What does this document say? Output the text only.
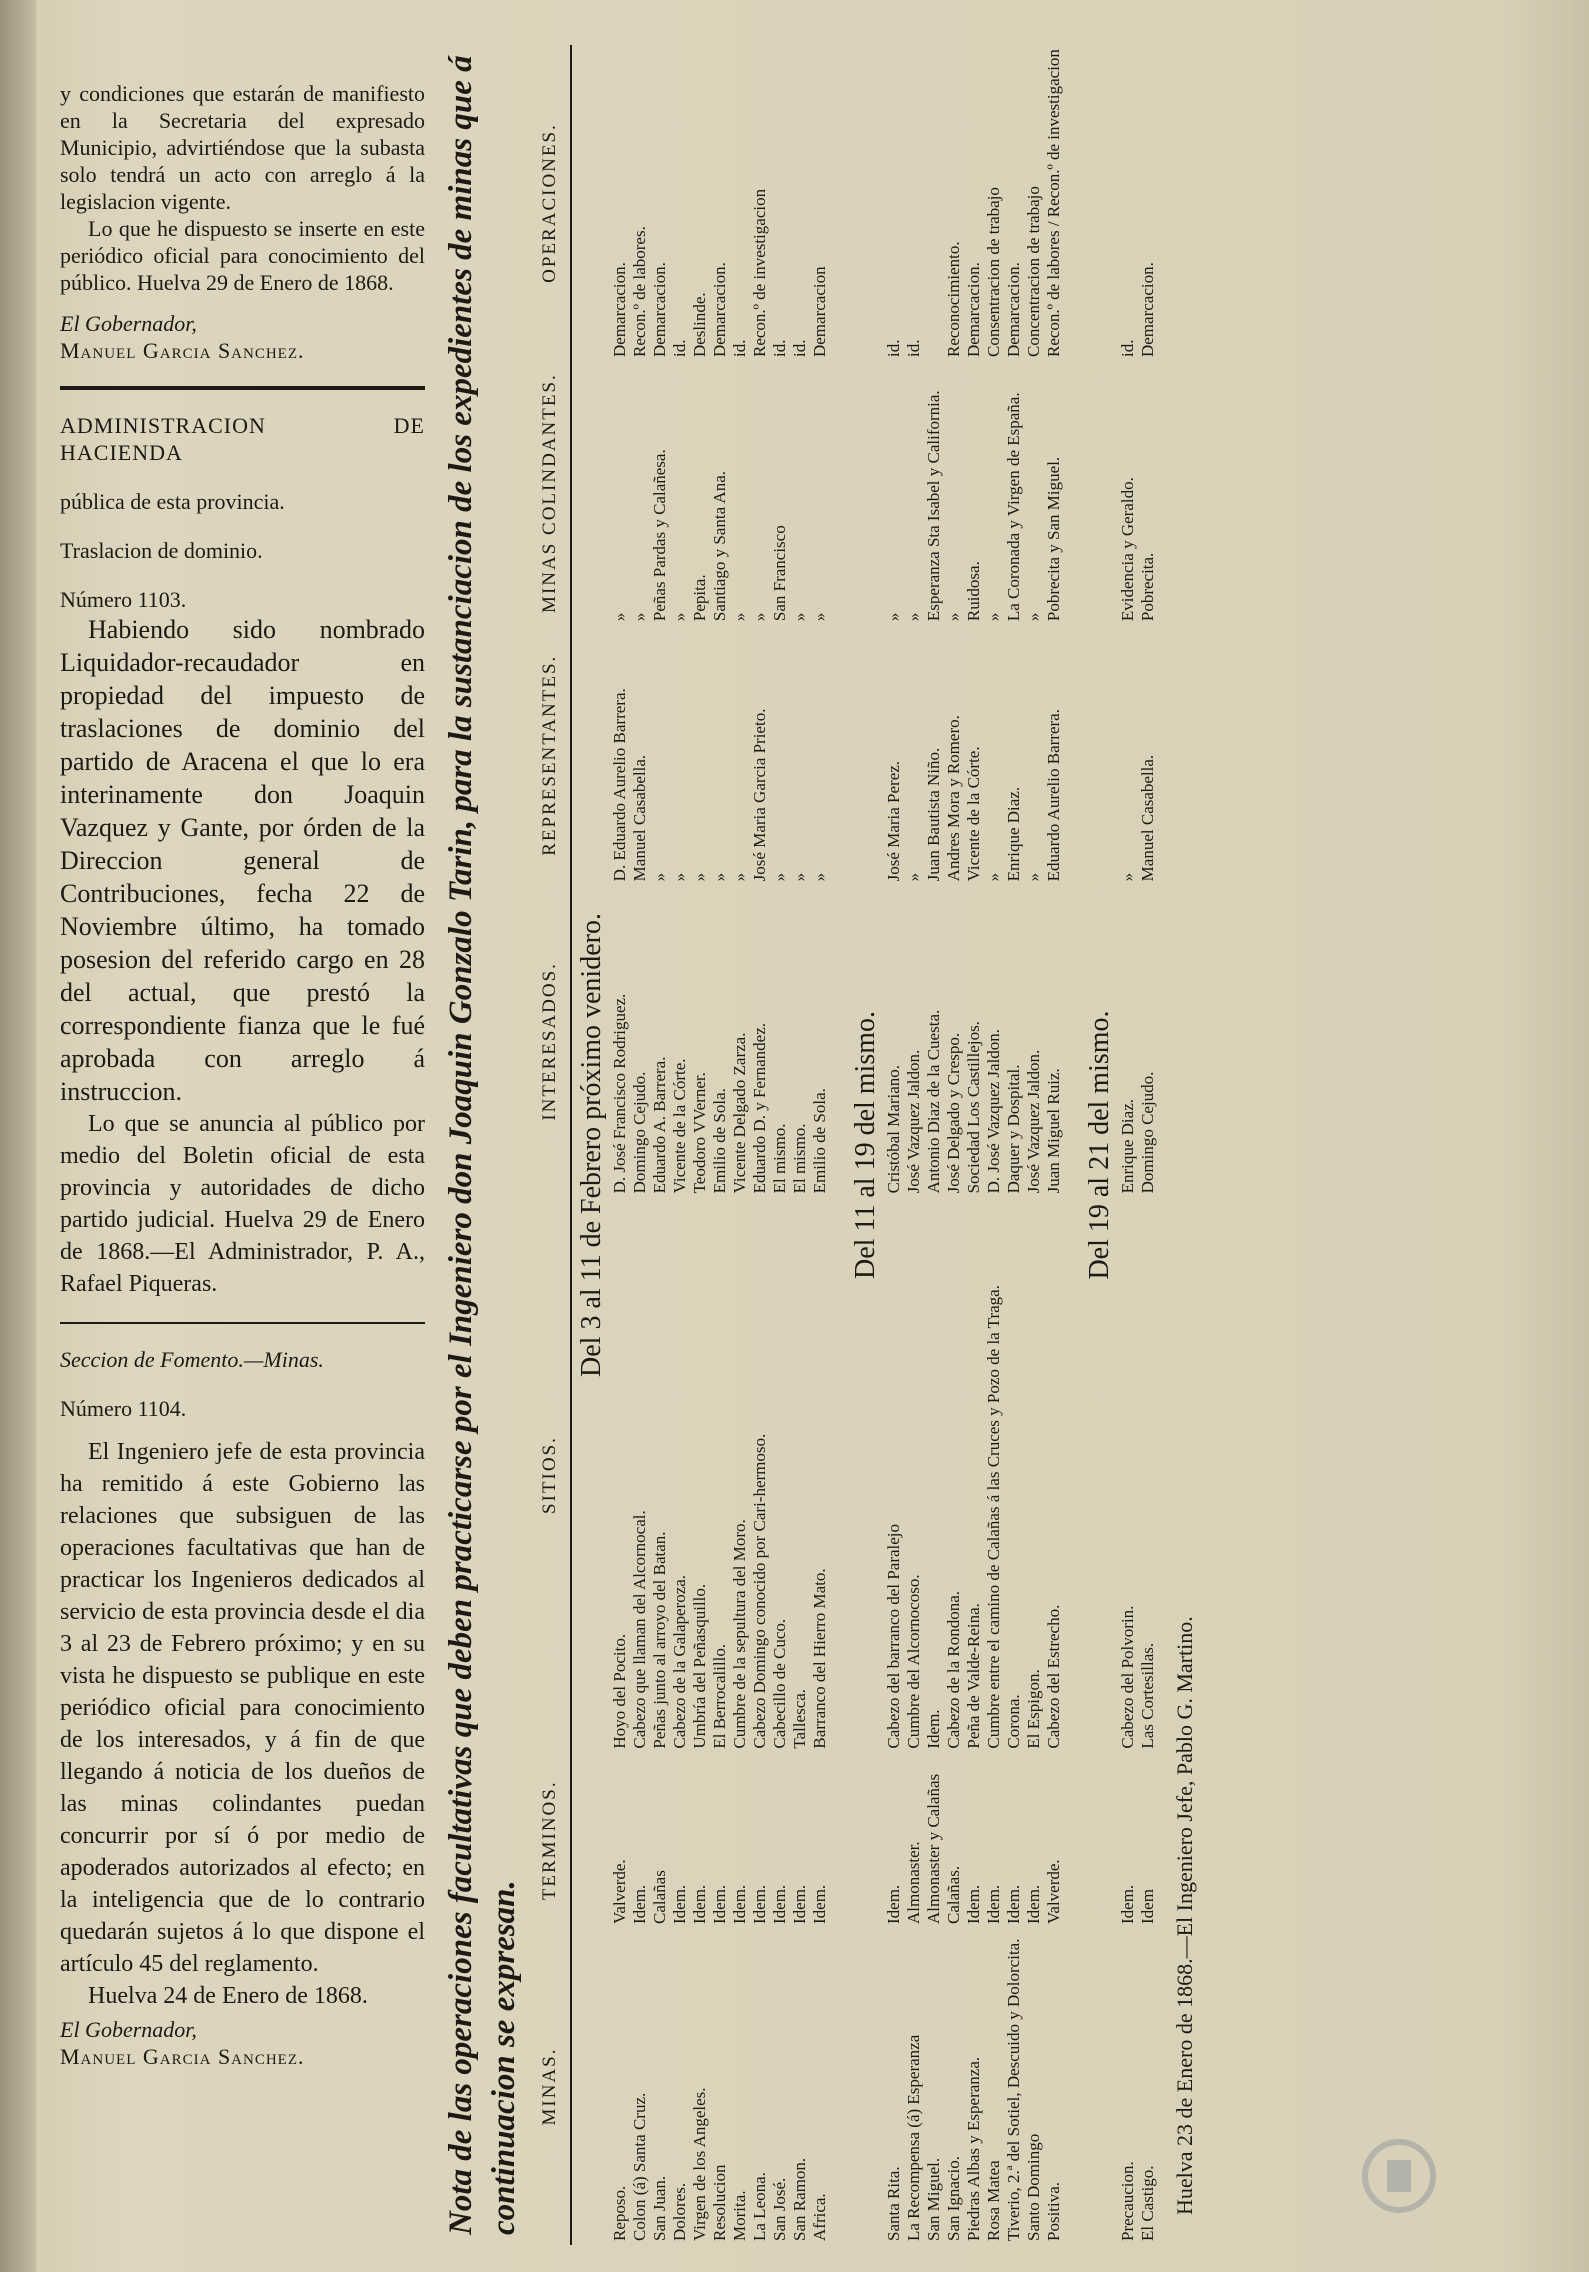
y condiciones que estarán de manifiesto en la Secretaria del expresado Municipio, advirtiéndose que la subasta solo tendrá un acto con arreglo á la legislacion vigente.

Lo que he dispuesto se inserte en este periódico oficial para conocimiento del público. Huelva 29 de Enero de 1868.

El Gobernador,

Manuel Garcia Sanchez.

ADMINISTRACION DE HACIENDA

pública de esta provincia.

Traslacion de dominio.

Número 1103.

Habiendo sido nombrado Liquidador-recaudador en propiedad del impuesto de traslaciones de dominio del partido de Aracena el que lo era interinamente don Joaquin Vazquez y Gante, por órden de la Direccion general de Contribuciones, fecha 22 de Noviembre último, ha tomado posesion del referido cargo en 28 del actual, que prestó la correspondiente fianza que le fué aprobada con arreglo á instruccion.

Lo que se anuncia al público por medio del Boletin oficial de esta provincia y autoridades de dicho partido judicial. Huelva 29 de Enero de 1868.—El Administrador, P. A., Rafael Piqueras.

Seccion de Fomento.—Minas.

Número 1104.

El Ingeniero jefe de esta provincia ha remitido á este Gobierno las relaciones que subsiguen de las operaciones facultativas que han de practicar los Ingenieros dedicados al servicio de esta provincia desde el dia 3 al 23 de Febrero próximo; y en su vista he dispuesto se publique en este periódico oficial para conocimiento de los interesados, y á fin de que llegando á noticia de los dueños de las minas colindantes puedan concurrir por sí ó por medio de apoderados autorizados al efecto; en la inteligencia que de lo contrario quedarán sujetos á lo que dispone el artículo 45 del reglamento.

Huelva 24 de Enero de 1868.

El Gobernador,

Manuel Garcia Sanchez.	Nota de las operaciones facultativas que deben practicarse por el Ingeniero don Joaquin Gonzalo Tarin, para la sustanciacion de los expedientes de minas que á continuacion se expresan. MINAS.	TERMINOS.	SITIOS.	INTERESADOS.	REPRESENTANTES.	MINAS COLINDANTES.	OPERACIONES.
Del 3 al 11 de Febrero próximo venidero.						
Reposo.	Valverde.	Hoyo del Pocito.	D. José Francisco Rodriguez.	D. Eduardo Aurelio Barrera.	»	Demarcacion.
Colon (á) Santa Cruz.	Idem.	Cabezo que llaman del Alcornocal.	Domingo Cejudo.	Manuel Casabella.	»	Recon.º de labores.
San Juan.	Calañas	Peñas junto al arroyo del Batan.	Eduardo A. Barrera.	»	Peñas Pardas y Calañesa.	Demarcacion.
Dolores.	Idem.	Cabezo de la Galaperoza.	Vicente de la Córte.	»	»	id.
Virgen de los Angeles.	Idem.	Umbría del Peñasquillo.	Teodoro VVerner.	»	Pepita.	Deslinde.
Resolucion	Idem.	El Berrocalillo.	Emilio de Sola.	»	Santiago y Santa Ana.	Demarcacion.
Morita.	Idem.	Cumbre de la sepultura del Moro.	Vicente Delgado Zarza.	»	»	id.
La Leona.	Idem.	Cabezo Domingo conocido por Cari-hermoso.	Eduardo D. y Fernandez.	José Maria Garcia Prieto.	»	Recon.º de investigacion
San José.	Idem.	Cabecillo de Cuco.	El mismo.	»	San Francisco	id.
San Ramon.	Idem.	Tallesca.	El mismo.	»	»	id.
Africa.	Idem.	Barranco del Hierro Mato.	Emilio de Sola.	»	»	Demarcacion

Del 11 al 19 del mismo.						
Santa Rita.	Idem.	Cabezo del barranco del Paralejo	Cristóbal Mariano.	José Maria Perez.	»	id.
La Recompensa (á) Esperanza	Almonaster.	Cumbre del Alcornocoso.	José Vazquez Jaldon.	»	»	id.
San Miguel.	Almonaster y Calañas	Idem.	Antonio Diaz de la Cuesta.	Juan Bautista Niño.	Esperanza Sta Isabel y California.	
San Ignacio.	Calañas.	Cabezo de la Rondona.	José Delgado y Crespo.	Andres Mora y Romero.	»	Reconocimiento.
Piedras Albas y Esperanza.	Idem.	Peña de Valde-Reina.	Sociedad Los Castillejos.	Vicente de la Córte.	Ruidosa.	Demarcacion.
Rosa Matea	Idem.	Cumbre entre el camino de Calañas á las Cruces y Pozo de la Traga.	D. José Vazquez Jaldon.	»	»	Consentracion de trabajo
Tiverio, 2.ª del Sotiel, Descuido y Dolorcita.	Idem.	Corona.	Daquer y Dospital.	Enrique Diaz.	La Coronada y Virgen de España.	Demarcacion.
Santo Domingo	Idem.	El Espigon.	José Vazquez Jaldon.	»	»	Concentracion de trabajo
Positiva.	Valverde.	Cabezo del Estrecho.	Juan Miguel Ruiz.	Eduardo Aurelio Barrera.	Pobrecita y San Miguel.	Recon.º de labores / Recon.º de investigacion

Del 19 al 21 del mismo.						
Precaucion.	Idem.	Cabezo del Polvorin.	Enrique Diaz.	»	Evidencia y Geraldo.	id.
El Castigo.	Idem	Las Cortesillas.	Domingo Cejudo.	Manuel Casabella.	Pobrecita.	Demarcacion.
Huelva 23 de Enero de 1868.—El Ingeniero Jefe, Pablo G. Martino.
